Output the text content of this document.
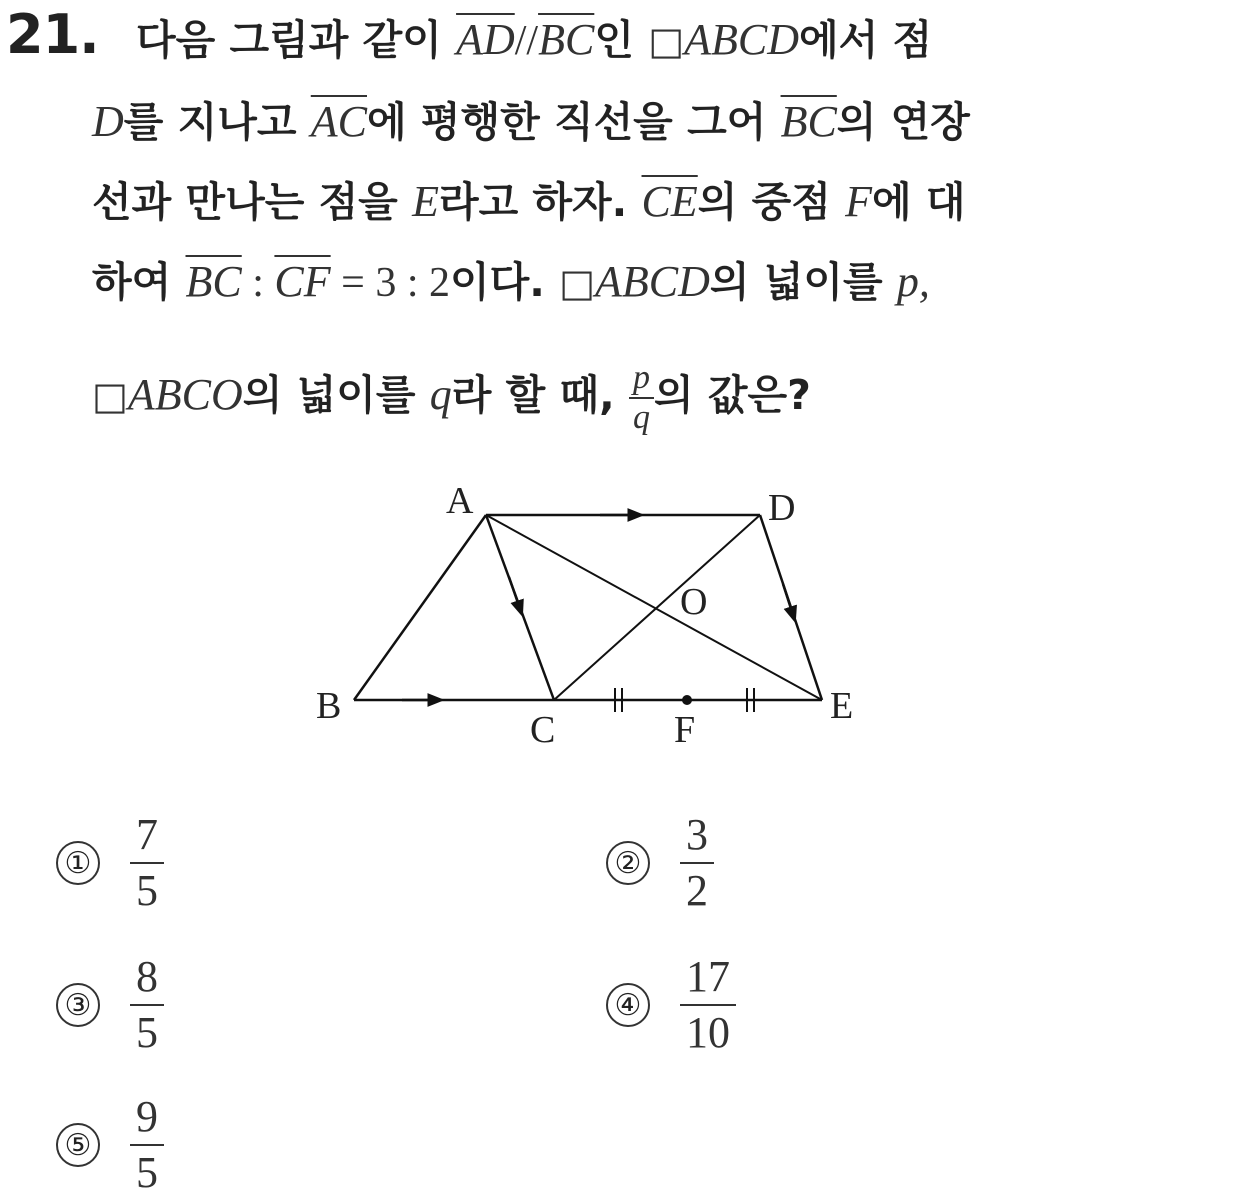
21. 다음 그림과 같이 $\overline{AD}//\overline{BC}$인 □ABCD에서 점
D를 지나고 $\overline{AC}$에 평행한 직선을 그어 $\overline{BC}$의 연장
선과 만나는 점을 E라고 하자. $\overline{CE}$의 중점 F에 대
하여 $\overline{BC}$ : $\overline{CF} = 3$ : 2이다. □ABCD의 넓이를 p,
□ABCO의 넓이를 q라 할 때, $\frac{p}{q}$ 의 값은?
A	D
O
B
C	F
E
① $\frac{7}{5}$	② $\frac{3}{2}$
③ $\frac{8}{5}$	④ $\frac{17}{10}$
⑤ $\frac{9}{5}$
